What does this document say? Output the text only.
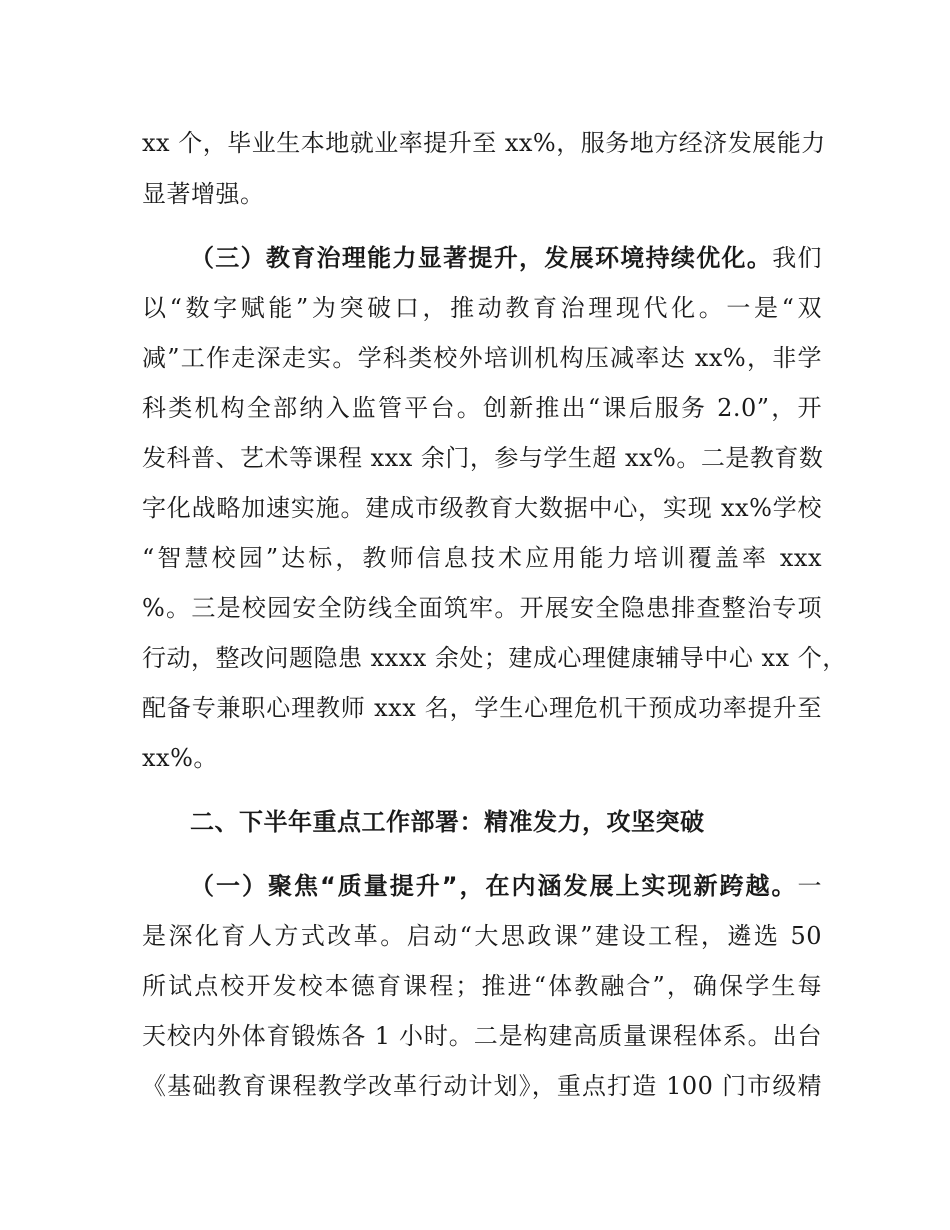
xx 个，毕业生本地就业率提升至 xx%，服务地方经济发展能力
显著增强。
（三）教育治理能力显著提升，发展环境持续优化。我们
以“数字赋能”为突破口，推动教育治理现代化。一是“双
减”工作走深走实。学科类校外培训机构压减率达 xx%，非学
科类机构全部纳入监管平台。创新推出“课后服务 2.0”，开
发科普、艺术等课程 xxx 余门，参与学生超 xx%。二是教育数
字化战略加速实施。建成市级教育大数据中心，实现 xx%学校
“智慧校园”达标，教师信息技术应用能力培训覆盖率 xxx
%。三是校园安全防线全面筑牢。开展安全隐患排查整治专项
行动，整改问题隐患 xxxx 余处；建成心理健康辅导中心 xx 个，
配备专兼职心理教师 xxx 名，学生心理危机干预成功率提升至
xx%。
二、下半年重点工作部署：精准发力，攻坚突破
（一）聚焦“质量提升”，在内涵发展上实现新跨越。一
是深化育人方式改革。启动“大思政课”建设工程，遴选 50
所试点校开发校本德育课程；推进“体教融合”，确保学生每
天校内外体育锻炼各 1 小时。二是构建高质量课程体系。出台
《基础教育课程教学改革行动计划》，重点打造 100 门市级精
